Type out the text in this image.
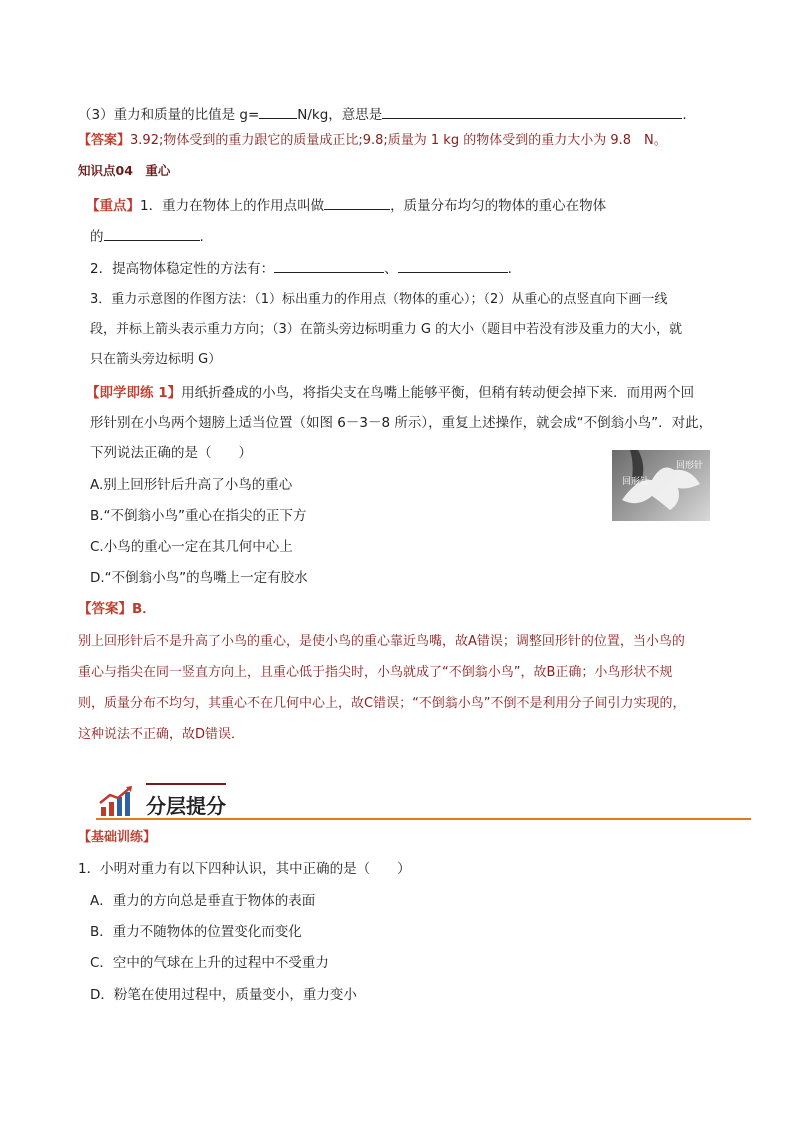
（3）重力和质量的比值是 g=	N/kg，意思是	.
【答案】3.92;物体受到的重力跟它的质量成正比;9.8;质量为 1 kg 的物体受到的重力大小为 9.8　N。
知识点04　重心
【重点】1．重力在物体上的作用点叫做	，质量分布均匀的物体的重心在物体
的	.
2．提高物体稳定性的方法有：	、	.
3．重力示意图的作图方法：（1）标出重力的作用点（物体的重心）；（2）从重心的点竖直向下画一线
段，并标上箭头表示重力方向；（3）在箭头旁边标明重力 G 的大小（题目中若没有涉及重力的大小，就
只在箭头旁边标明 G）
【即学即练 1】用纸折叠成的小鸟，将指尖支在鸟嘴上能够平衡，但稍有转动便会掉下来．而用两个回
形针别在小鸟两个翅膀上适当位置（如图 6－3－8 所示），重复上述操作，就会成“不倒翁小鸟”．对此，
下列说法正确的是（　　）
A.别上回形针后升高了小鸟的重心
B.“不倒翁小鸟”重心在指尖的正下方
C.小鸟的重心一定在其几何中心上
D.“不倒翁小鸟”的鸟嘴上一定有胶水
回形针
回形针
【答案】B．
别上回形针后不是升高了小鸟的重心，是使小鸟的重心靠近鸟嘴，故A错误；调整回形针的位置，当小鸟的
重心与指尖在同一竖直方向上，且重心低于指尖时，小鸟就成了“不倒翁小鸟”，故B正确；小鸟形状不规
则，质量分布不均匀，其重心不在几何中心上，故C错误；“不倒翁小鸟”不倒不是利用分子间引力实现的，
这种说法不正确，故D错误．
分层提分
【基础训练】
1．小明对重力有以下四种认识，其中正确的是（　　）
A．重力的方向总是垂直于物体的表面
B．重力不随物体的位置变化而变化
C．空中的气球在上升的过程中不受重力
D．粉笔在使用过程中，质量变小，重力变小
